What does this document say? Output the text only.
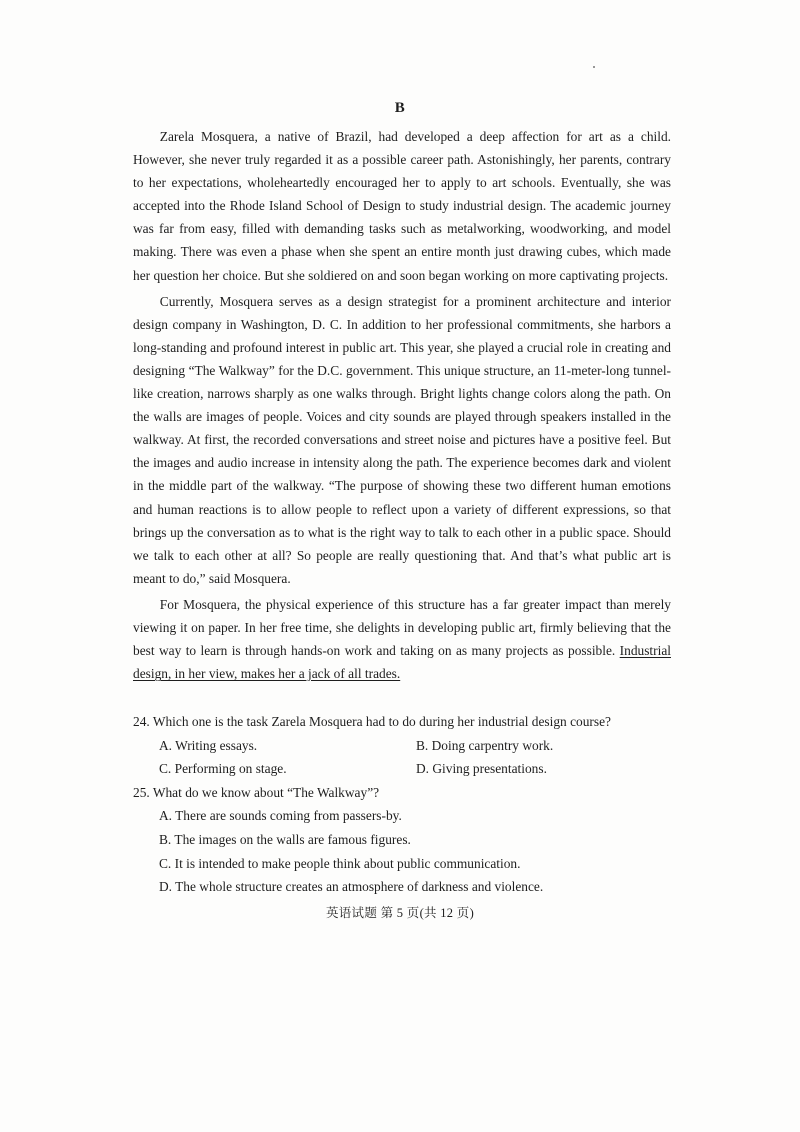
B

Zarela Mosquera, a native of Brazil, had developed a deep affection for art as a child. However, she never truly regarded it as a possible career path. Astonishingly, her parents, contrary to her expectations, wholeheartedly encouraged her to apply to art schools. Eventually, she was accepted into the Rhode Island School of Design to study industrial design. The academic journey was far from easy, filled with demanding tasks such as metalworking, woodworking, and model making. There was even a phase when she spent an entire month just drawing cubes, which made her question her choice. But she soldiered on and soon began working on more captivating projects.

Currently, Mosquera serves as a design strategist for a prominent architecture and interior design company in Washington, D. C. In addition to her professional commitments, she harbors a long-standing and profound interest in public art. This year, she played a crucial role in creating and designing “The Walkway” for the D.C. government. This unique structure, an 11-meter-long tunnel-like creation, narrows sharply as one walks through. Bright lights change colors along the path. On the walls are images of people. Voices and city sounds are played through speakers installed in the walkway. At first, the recorded conversations and street noise and pictures have a positive feel. But the images and audio increase in intensity along the path. The experience becomes dark and violent in the middle part of the walkway. “The purpose of showing these two different human emotions and human reactions is to allow people to reflect upon a variety of different expressions, so that brings up the conversation as to what is the right way to talk to each other in a public space. Should we talk to each other at all? So people are really questioning that. And that’s what public art is meant to do,” said Mosquera.

For Mosquera, the physical experience of this structure has a far greater impact than merely viewing it on paper. In her free time, she delights in developing public art, firmly believing that the best way to learn is through hands-on work and taking on as many projects as possible. Industrial design, in her view, makes her a jack of all trades.

24. Which one is the task Zarela Mosquera had to do during her industrial design course?
A. Writing essays.	B. Doing carpentry work.
C. Performing on stage.	D. Giving presentations.
25. What do we know about “The Walkway”?
A. There are sounds coming from passers-by.
B. The images on the walls are famous figures.
C. It is intended to make people think about public communication.
D. The whole structure creates an atmosphere of darkness and violence.
英语试题 第 5 页(共 12 页)
